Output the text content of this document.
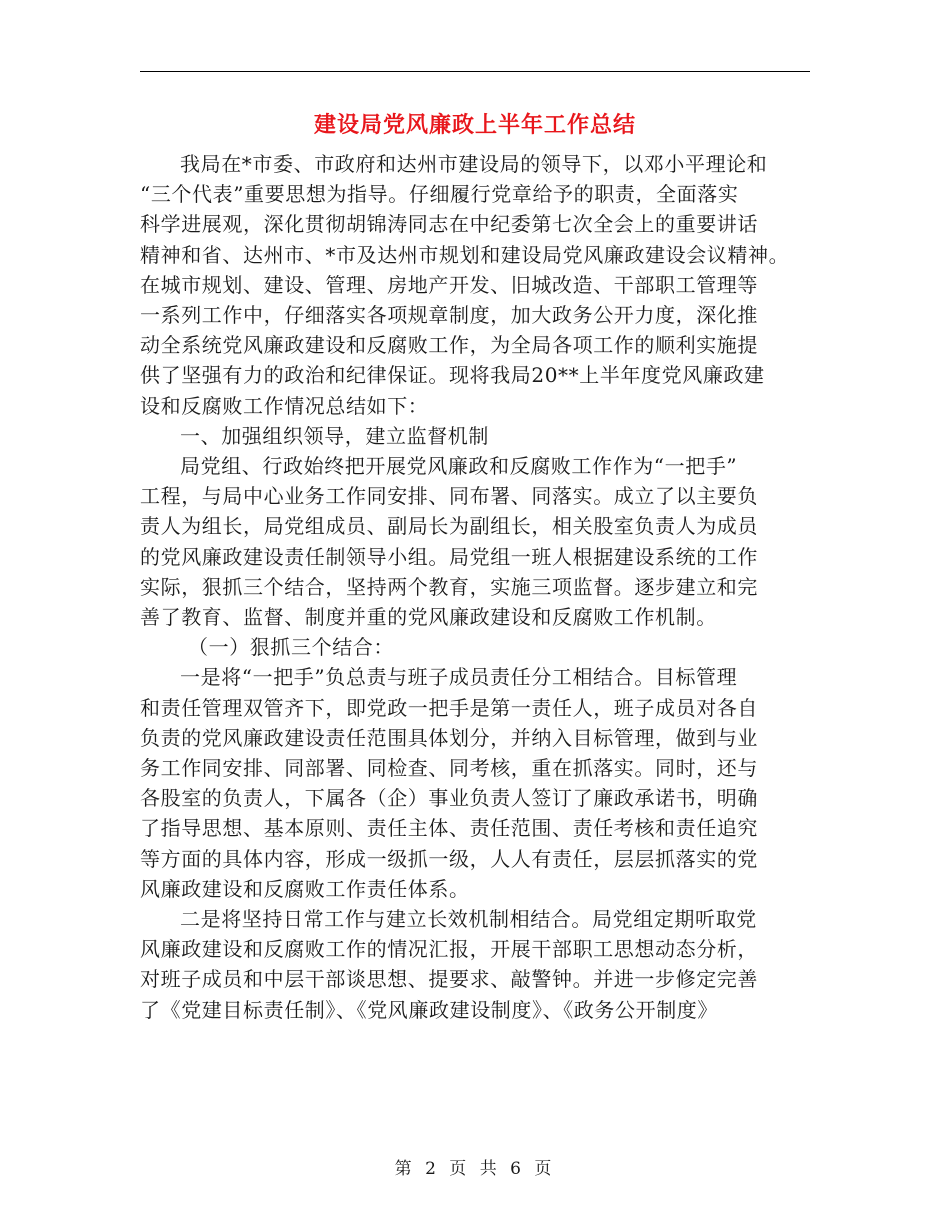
建设局党风廉政上半年工作总结
我局在*市委、市政府和达州市建设局的领导下，以邓小平理论和
“三个代表”重要思想为指导。仔细履行党章给予的职责，全面落实
科学进展观，深化贯彻胡锦涛同志在中纪委第七次全会上的重要讲话
精神和省、达州市、*市及达州市规划和建设局党风廉政建设会议精神。
在城市规划、建设、管理、房地产开发、旧城改造、干部职工管理等
一系列工作中，仔细落实各项规章制度，加大政务公开力度，深化推
动全系统党风廉政建设和反腐败工作，为全局各项工作的顺利实施提
供了坚强有力的政治和纪律保证。现将我局20**上半年度党风廉政建
设和反腐败工作情况总结如下：
一、加强组织领导，建立监督机制
局党组、行政始终把开展党风廉政和反腐败工作作为“一把手”
工程，与局中心业务工作同安排、同布署、同落实。成立了以主要负
责人为组长，局党组成员、副局长为副组长，相关股室负责人为成员
的党风廉政建设责任制领导小组。局党组一班人根据建设系统的工作
实际，狠抓三个结合，坚持两个教育，实施三项监督。逐步建立和完
善了教育、监督、制度并重的党风廉政建设和反腐败工作机制。
（一）狠抓三个结合：
一是将“一把手”负总责与班子成员责任分工相结合。目标管理
和责任管理双管齐下，即党政一把手是第一责任人，班子成员对各自
负责的党风廉政建设责任范围具体划分，并纳入目标管理，做到与业
务工作同安排、同部署、同检查、同考核，重在抓落实。同时，还与
各股室的负责人，下属各（企）事业负责人签订了廉政承诺书，明确
了指导思想、基本原则、责任主体、责任范围、责任考核和责任追究
等方面的具体内容，形成一级抓一级，人人有责任，层层抓落实的党
风廉政建设和反腐败工作责任体系。
二是将坚持日常工作与建立长效机制相结合。局党组定期听取党
风廉政建设和反腐败工作的情况汇报，开展干部职工思想动态分析，
对班子成员和中层干部谈思想、提要求、敲警钟。并进一步修定完善
了《党建目标责任制》、《党风廉政建设制度》、《政务公开制度》
第 2 页 共 6 页
